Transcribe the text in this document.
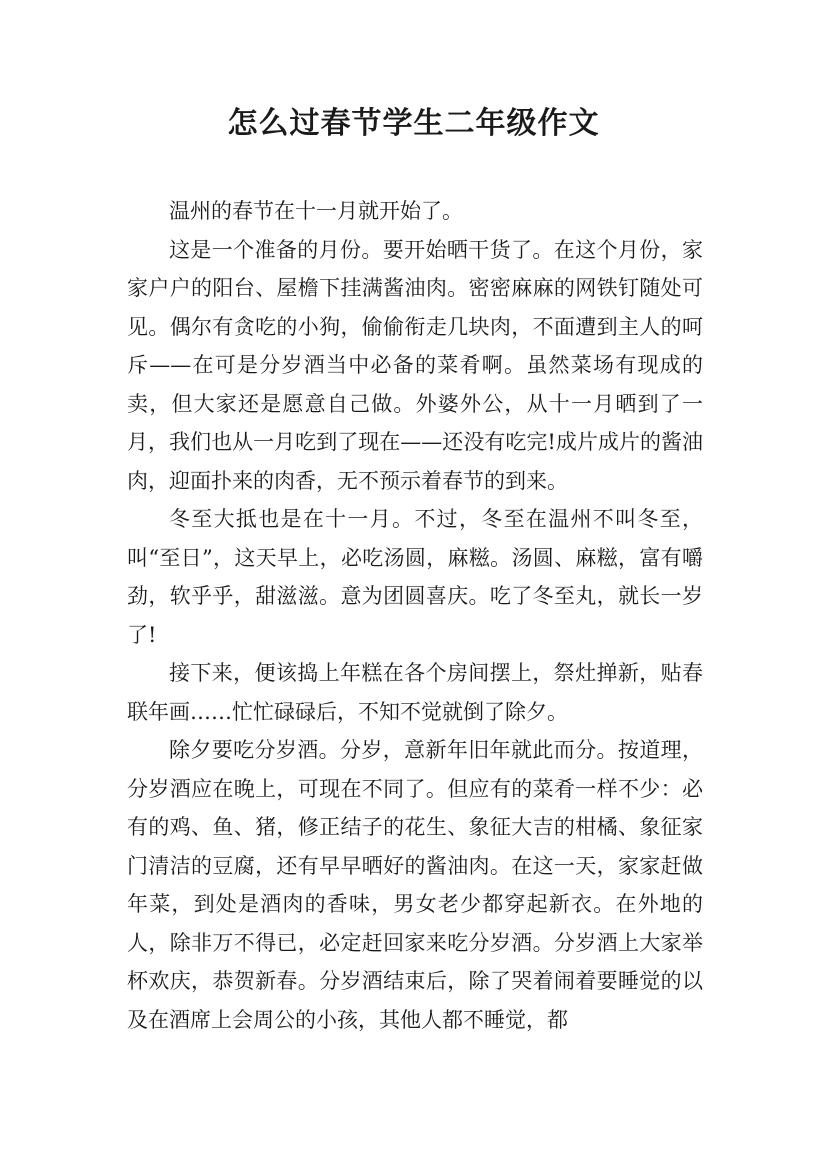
怎么过春节学生二年级作文

温州的春节在十一月就开始了。

这是一个准备的月份。要开始晒干货了。在这个月份，家家户户的阳台、屋檐下挂满酱油肉。密密麻麻的网铁钉随处可见。偶尔有贪吃的小狗，偷偷衔走几块肉，不面遭到主人的呵斥——在可是分岁酒当中必备的菜肴啊。虽然菜场有现成的卖，但大家还是愿意自己做。外婆外公，从十一月晒到了一月，我们也从一月吃到了现在——还没有吃完!成片成片的酱油肉，迎面扑来的肉香，无不预示着春节的到来。

冬至大抵也是在十一月。不过，冬至在温州不叫冬至，叫“至日”，这天早上，必吃汤圆，麻糍。汤圆、麻糍，富有嚼劲，软乎乎，甜滋滋。意为团圆喜庆。吃了冬至丸，就长一岁了!

接下来，便该捣上年糕在各个房间摆上，祭灶掸新，贴春联年画……忙忙碌碌后，不知不觉就倒了除夕。

除夕要吃分岁酒。分岁，意新年旧年就此而分。按道理，分岁酒应在晚上，可现在不同了。但应有的菜肴一样不少：必有的鸡、鱼、猪，修正结子的花生、象征大吉的柑橘、象征家门清洁的豆腐，还有早早晒好的酱油肉。在这一天，家家赶做年菜，到处是酒肉的香味，男女老少都穿起新衣。在外地的人，除非万不得已，必定赶回家来吃分岁酒。分岁酒上大家举杯欢庆，恭贺新春。分岁酒结束后，除了哭着闹着要睡觉的以及在酒席上会周公的小孩，其他人都不睡觉，都
